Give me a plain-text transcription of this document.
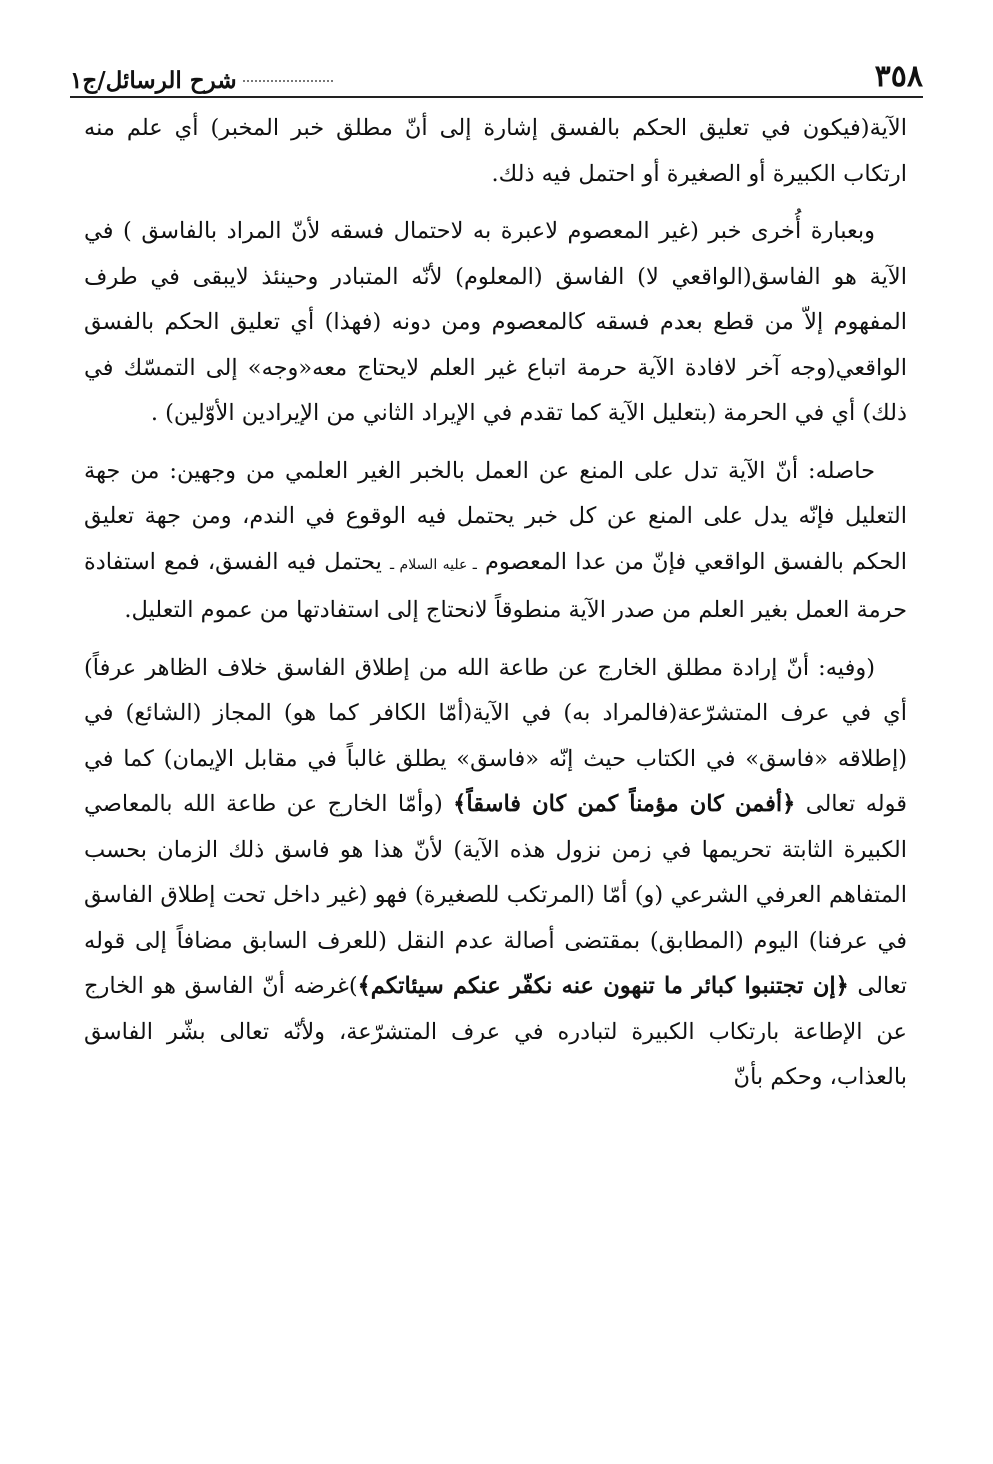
٣٥٨
شرح الرسائل/ج١

الآية(فيكون في تعليق الحكم بالفسق إشارة إلى أنّ مطلق خبر المخبر) أي علم منه ارتكاب الكبيرة أو الصغيرة أو احتمل فيه ذلك.

وبعبارة أُخرى خبر (غير المعصوم لاعبرة به لاحتمال فسقه لأنّ المراد بالفاسق ) في الآية هو الفاسق(الواقعي لا) الفاسق (المعلوم) لأنّه المتبادر وحينئذ لايبقى في طرف المفهوم إلاّ من قطع بعدم فسقه كالمعصوم ومن دونه (فهذا) أي تعليق الحكم بالفسق الواقعي(وجه آخر لافادة الآية حرمة اتباع غير العلم لايحتاج معه«وجه» إلى التمسّك في ذلك) أي في الحرمة (بتعليل الآية كما تقدم في الإيراد الثاني من الإيرادين الأوّلين) .

حاصله: أنّ الآية تدل على المنع عن العمل بالخبر الغير العلمي من وجهين: من جهة التعليل فإنّه يدل على المنع عن كل خبر يحتمل فيه الوقوع في الندم، ومن جهة تعليق الحكم بالفسق الواقعي فإنّ من عدا المعصوم ـ عليه السلام ـ يحتمل فيه الفسق، فمع استفادة حرمة العمل بغير العلم من صدر الآية منطوقاً لانحتاج إلى استفادتها من عموم التعليل.

(وفيه: أنّ إرادة مطلق الخارج عن طاعة الله من إطلاق الفاسق خلاف الظاهر عرفاً) أي في عرف المتشرّعة(فالمراد به) في الآية(أمّا الكافر كما هو) المجاز (الشائع) في (إطلاقه «فاسق» في الكتاب حيث إنّه «فاسق» يطلق غالباً في مقابل الإيمان) كما في قوله تعالى ﴿أفمن كان مؤمناً كمن كان فاسقاً﴾ (وأمّا الخارج عن طاعة الله بالمعاصي الكبيرة الثابتة تحريمها في زمن نزول هذه الآية) لأنّ هذا هو فاسق ذلك الزمان بحسب المتفاهم العرفي الشرعي (و) أمّا (المرتكب للصغيرة) فهو (غير داخل تحت إطلاق الفاسق في عرفنا) اليوم (المطابق) بمقتضى أصالة عدم النقل (للعرف السابق مضافاً إلى قوله تعالى ﴿إن تجتنبوا كبائر ما تنهون عنه نكفّر عنكم سيئاتكم﴾)غرضه أنّ الفاسق هو الخارج عن الإطاعة بارتكاب الكبيرة لتبادره في عرف المتشرّعة، ولأنّه تعالى بشّر الفاسق بالعذاب، وحكم بأنّ
